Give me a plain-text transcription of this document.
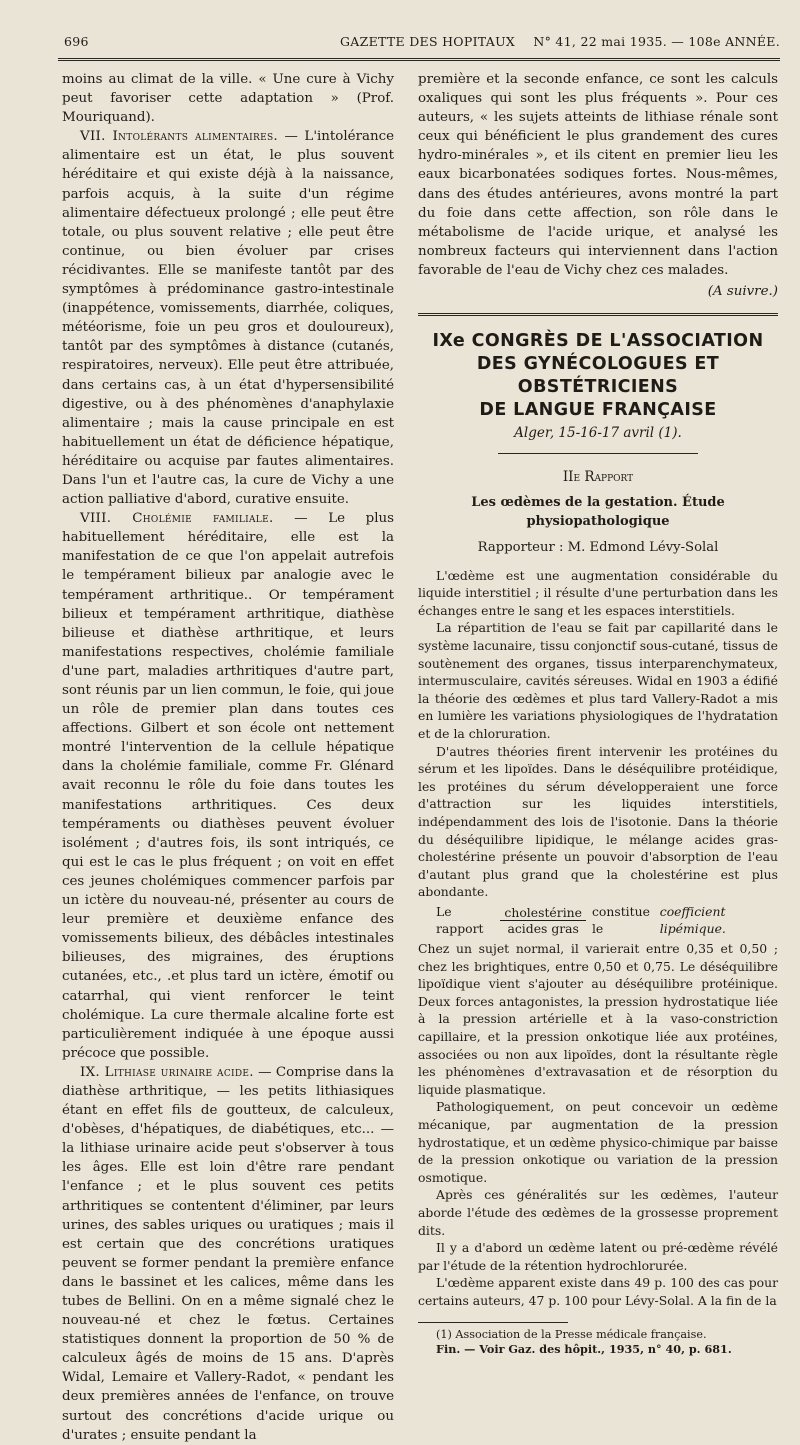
696	GAZETTE DES HOPITAUX N° 41, 22 mai 1935. — 108e ANNÉE.

moins au climat de la ville. « Une cure à Vichy peut favoriser cette adaptation » (Prof. Mouriquand).

VII. Intolérants alimentaires. — L'intolérance alimentaire est un état, le plus souvent héréditaire et qui existe déjà à la naissance, parfois acquis, à la suite d'un régime alimentaire défectueux prolongé ; elle peut être totale, ou plus souvent relative ; elle peut être continue, ou bien évoluer par crises récidivantes. Elle se manifeste tantôt par des symptômes à prédominance gastro-intestinale (inappétence, vomissements, diarrhée, coliques, météorisme, foie un peu gros et douloureux), tantôt par des symptômes à distance (cutanés, respiratoires, nerveux). Elle peut être attribuée, dans certains cas, à un état d'hypersensibilité digestive, ou à des phénomènes d'anaphylaxie alimentaire ; mais la cause principale en est habituellement un état de déficience hépatique, héréditaire ou acquise par fautes alimentaires. Dans l'un et l'autre cas, la cure de Vichy a une action palliative d'abord, curative ensuite.

VIII. Cholémie familiale. — Le plus habituellement héréditaire, elle est la manifestation de ce que l'on appelait autrefois le tempérament bilieux par analogie avec le tempérament arthritique.. Or tempérament bilieux et tempérament arthritique, diathèse bilieuse et diathèse arthritique, et leurs manifestations respectives, cholémie familiale d'une part, maladies arthritiques d'autre part, sont réunis par un lien commun, le foie, qui joue un rôle de premier plan dans toutes ces affections. Gilbert et son école ont nettement montré l'intervention de la cellule hépatique dans la cholémie familiale, comme Fr. Glénard avait reconnu le rôle du foie dans toutes les manifestations arthritiques. Ces deux tempéraments ou diathèses peuvent évoluer isolément ; d'autres fois, ils sont intriqués, ce qui est le cas le plus fréquent ; on voit en effet ces jeunes cholémiques commencer parfois par un ictère du nouveau-né, présenter au cours de leur première et deuxième enfance des vomissements bilieux, des débâcles intestinales bilieuses, des migraines, des éruptions cutanées, etc., .et plus tard un ictère, émotif ou catarrhal, qui vient renforcer le teint cholémique. La cure thermale alcaline forte est particulièrement indiquée à une époque aussi précoce que possible.

IX. Lithiase urinaire acide. — Comprise dans la diathèse arthritique, — les petits lithiasiques étant en effet fils de goutteux, de calculeux, d'obèses, d'hépatiques, de diabétiques, etc... — la lithiase urinaire acide peut s'observer à tous les âges. Elle est loin d'être rare pendant l'enfance ; et le plus souvent ces petits arthritiques se contentent d'éliminer, par leurs urines, des sables uriques ou uratiques ; mais il est certain que des concrétions uratiques peuvent se former pendant la première enfance dans le bassinet et les calices, même dans les tubes de Bellini. On en a même signalé chez le nouveau-né et chez le fœtus. Certaines statistiques donnent la proportion de 50 % de calculeux âgés de moins de 15 ans. D'après Widal, Lemaire et Vallery-Radot, « pendant les deux premières années de l'enfance, on trouve surtout des concrétions d'acide urique ou d'urates ; ensuite pendant la

première et la seconde enfance, ce sont les calculs oxaliques qui sont les plus fréquents ». Pour ces auteurs, « les sujets atteints de lithiase rénale sont ceux qui bénéficient le plus grandement des cures hydro-minérales », et ils citent en premier lieu les eaux bicarbonatées sodiques fortes. Nous-mêmes, dans des études antérieures, avons montré la part du foie dans cette affection, son rôle dans le métabolisme de l'acide urique, et analysé les nombreux facteurs qui interviennent dans l'action favorable de l'eau de Vichy chez ces malades.

(A suivre.)
IXe CONGRÈS DE L'ASSOCIATION
DES GYNÉCOLOGUES ET OBSTÉTRICIENS
DE LANGUE FRANÇAISE
Alger, 15-16-17 avril (1).
IIe Rapport
Les œdèmes de la gestation. Étude physiopathologique
Rapporteur : M. Edmond Lévy-Solal

L'œdème est une augmentation considérable du liquide interstitiel ; il résulte d'une perturbation dans les échanges entre le sang et les espaces interstitiels.

La répartition de l'eau se fait par capillarité dans le système lacunaire, tissu conjonctif sous-cutané, tissus de soutènement des organes, tissus interparenchymateux, intermusculaire, cavités séreuses. Widal en 1903 a édifié la théorie des œdèmes et plus tard Vallery-Radot a mis en lumière les variations physiologiques de l'hydratation et de la chloruration.

D'autres théories firent intervenir les protéines du sérum et les lipoïdes. Dans le déséquilibre protéidique, les protéines du sérum développeraient une force d'attraction sur les liquides interstitiels, indépendamment des lois de l'isotonie. Dans la théorie du déséquilibre lipidique, le mélange acides gras-cholestérine présente un pouvoir d'absorption de l'eau d'autant plus grand que la cholestérine est plus abondante.

Le rapport	$\frac{\text{cholestérine}}{\text{acides gras}}$ constitue le
coefficient lipémique.

Chez un sujet normal, il varierait entre 0,35 et 0,50 ; chez les brightiques, entre 0,50 et 0,75. Le déséquilibre lipoïdique vient s'ajouter au déséquilibre protéinique. Deux forces antagonistes, la pression hydrostatique liée à la pression artérielle et à la vaso-constriction capillaire, et la pression onkotique liée aux protéines, associées ou non aux lipoïdes, dont la résultante règle les phénomènes d'extravasation et de résorption du liquide plasmatique.

Pathologiquement, on peut concevoir un œdème mécanique, par augmentation de la pression hydrostatique, et un œdème physico-chimique par baisse de la pression onkotique ou variation de la pression osmotique.

Après ces généralités sur les œdèmes, l'auteur aborde l'étude des œdèmes de la grossesse proprement dits.

Il y a d'abord un œdème latent ou pré-œdème révélé par l'étude de la rétention hydrochlorurée.

L'œdème apparent existe dans 49 p. 100 des cas pour certains auteurs, 47 p. 100 pour Lévy-Solal. A la fin de la

(1) Association de la Presse médicale française.

Fin. — Voir Gaz. des hôpit., 1935, n° 40, p. 681.
